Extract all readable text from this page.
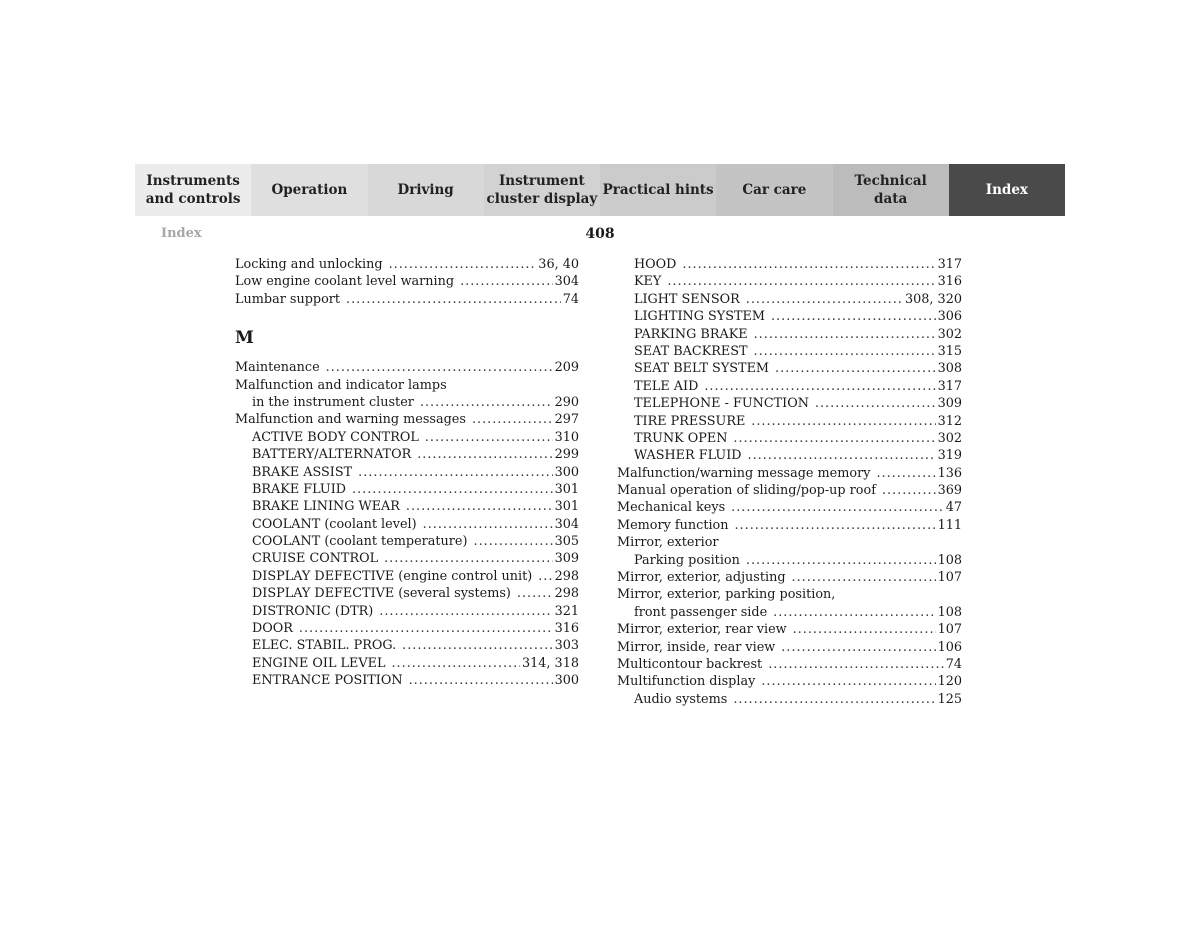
Instruments
and controls
Operation	Driving
Instrument
cluster display
Practical hints	Car care
Technical
data
Index
Index	408
Locking and unlocking .....	36, 40
Low engine coolant level warning .....	304
Lumbar support .....	74
M
Maintenance .....	209
Malfunction and indicator lamps
in the instrument cluster .....	290
Malfunction and warning messages .....	297
ACTIVE BODY CONTROL .....	310
BATTERY/ALTERNATOR .....	299
BRAKE ASSIST .....	300
BRAKE FLUID .....	301
BRAKE LINING WEAR .....	301
COOLANT (coolant level) .....	304
COOLANT (coolant temperature) .....	305
CRUISE CONTROL .....	309
DISPLAY DEFECTIVE (engine control unit) ..... 298
DISPLAY DEFECTIVE (several systems) .....	298
DISTRONIC (DTR) .....	321
DOOR .....	316
ELEC. STABIL. PROG. .....	303
ENGINE OIL LEVEL .....	314, 318
ENTRANCE POSITION .....	300
HOOD .....	317
KEY .....	316
LIGHT SENSOR .....	308, 320
LIGHTING SYSTEM .....	306
PARKING BRAKE .....	302
SEAT BACKREST .....	315
SEAT BELT SYSTEM .....	308
TELE AID .....	317
TELEPHONE - FUNCTION .....	309
TIRE PRESSURE .....	312
TRUNK OPEN .....	302
WASHER FLUID .....	319
Malfunction/warning message memory .....	136
Manual operation of sliding/pop-up roof .....	369
Mechanical keys .....	47
Memory function .....	111
Mirror, exterior
Parking position .....	108
Mirror, exterior, adjusting .....	107
Mirror, exterior, parking position,
front passenger side .....	108
Mirror, exterior, rear view .....	107
Mirror, inside, rear view .....	106
Multicontour backrest .....	74
Multifunction display .....	120
Audio systems .....	125
